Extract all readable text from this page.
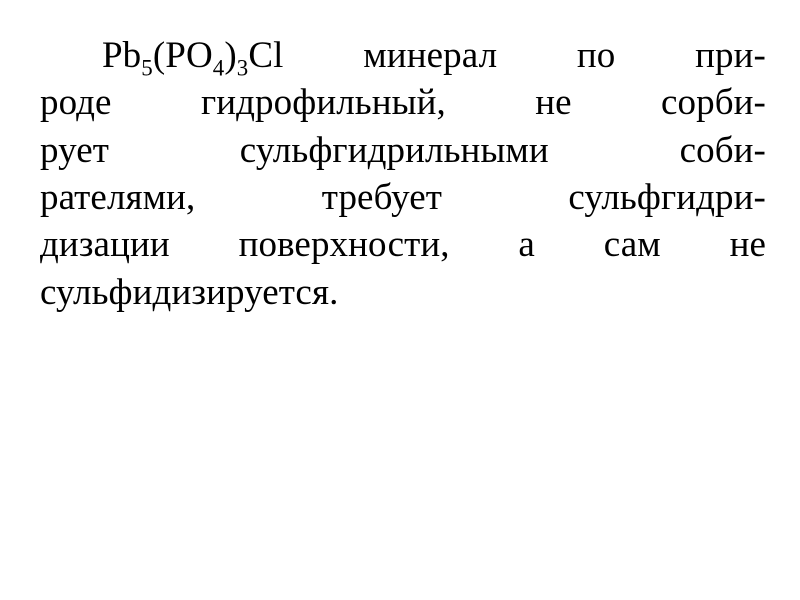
$Pb_5(PO_4)_3Cl$ минерал по при-
роде гидрофильный, не сорби-
рует	сульфгидрильными	соби-
рателями,	требует	сульфгидри-
дизации поверхности, а сам не
сульфидизируется.
